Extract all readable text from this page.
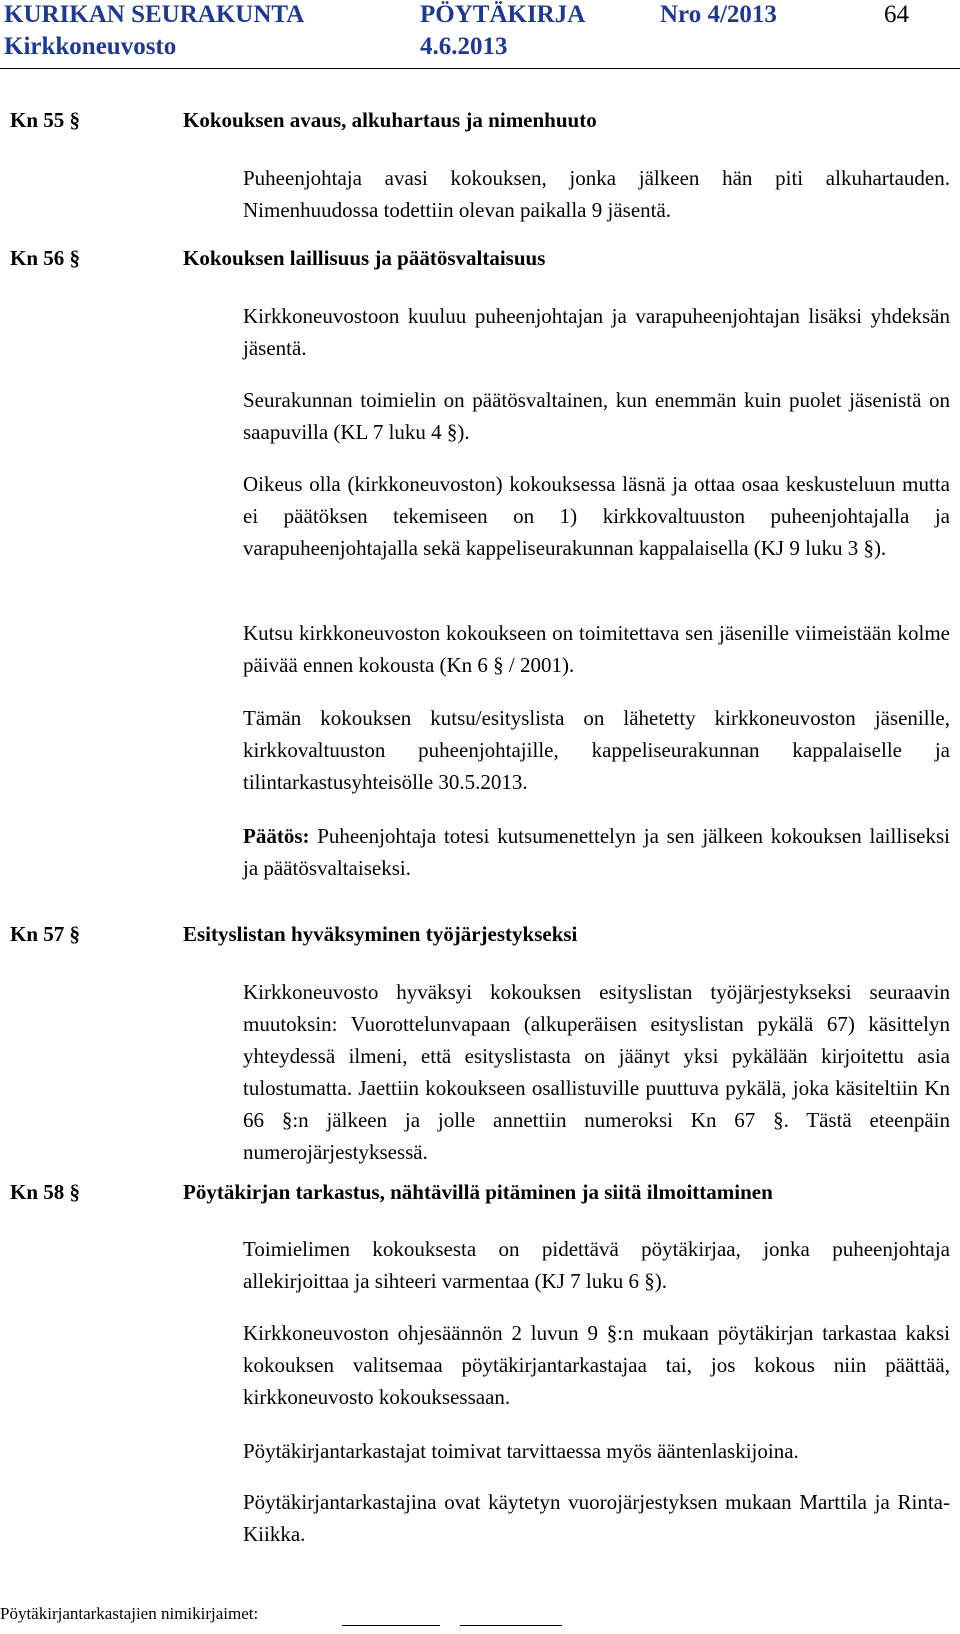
KURIKAN SEURAKUNTA	PÖYTÄKIRJA	Nro 4/2013	64
Kirkkoneuvosto	4.6.2013
Kn 55 §	Kokouksen avaus, alkuhartaus ja nimenhuuto

Puheenjohtaja avasi kokouksen, jonka jälkeen hän piti alkuhartauden. Nimenhuudossa todettiin olevan paikalla 9 jäsentä.

Kn 56 §	Kokouksen laillisuus ja päätösvaltaisuus

Kirkkoneuvostoon kuuluu puheenjohtajan ja varapuheenjohtajan lisäksi yhdeksän jäsentä.

Seurakunnan toimielin on päätösvaltainen, kun enemmän kuin puolet jäsenistä on saapuvilla (KL 7 luku 4 §).

Oikeus olla (kirkkoneuvoston) kokouksessa läsnä ja ottaa osaa keskusteluun mutta ei päätöksen tekemiseen on 1) kirkkovaltuuston puheenjohtajalla ja varapuheenjohtajalla sekä kappeliseurakunnan kappalaisella (KJ 9 luku 3 §).

Kutsu kirkkoneuvoston kokoukseen on toimitettava sen jäsenille viimeistään kolme päivää ennen kokousta (Kn 6 § / 2001).

Tämän kokouksen kutsu/esityslista on lähetetty kirkkoneuvoston jäsenille, kirkkovaltuuston puheenjohtajille, kappeliseurakunnan kappalaiselle ja tilintarkastusyhteisölle 30.5.2013.

Päätös: Puheenjohtaja totesi kutsumenettelyn ja sen jälkeen kokouksen lailliseksi ja päätösvaltaiseksi.

Kn 57 §	Esityslistan hyväksyminen työjärjestykseksi

Kirkkoneuvosto hyväksyi kokouksen esityslistan työjärjestykseksi seuraavin muutoksin: Vuorottelunvapaan (alkuperäisen esityslistan pykälä 67) käsittelyn yhteydessä ilmeni, että esityslistasta on jäänyt yksi pykälään kirjoitettu asia tulostumatta. Jaettiin kokoukseen osallistuville puuttuva pykälä, joka käsiteltiin Kn 66 §:n jälkeen ja jolle annettiin numeroksi Kn 67 §. Tästä eteenpäin numerojärjestyksessä.

Kn 58 §	Pöytäkirjan tarkastus, nähtävillä pitäminen ja siitä ilmoittaminen

Toimielimen kokouksesta on pidettävä pöytäkirjaa, jonka puheenjohtaja allekirjoittaa ja sihteeri varmentaa (KJ 7 luku 6 §).

Kirkkoneuvoston ohjesäännön 2 luvun 9 §:n mukaan pöytäkirjan tarkastaa kaksi kokouksen valitsemaa pöytäkirjantarkastajaa tai, jos kokous niin päättää, kirkkoneuvosto kokouksessaan.

Pöytäkirjantarkastajat toimivat tarvittaessa myös ääntenlaskijoina.

Pöytäkirjantarkastajina ovat käytetyn vuorojärjestyksen mukaan Marttila ja Rinta-Kiikka.

Pöytäkirjantarkastajien nimikirjaimet:
